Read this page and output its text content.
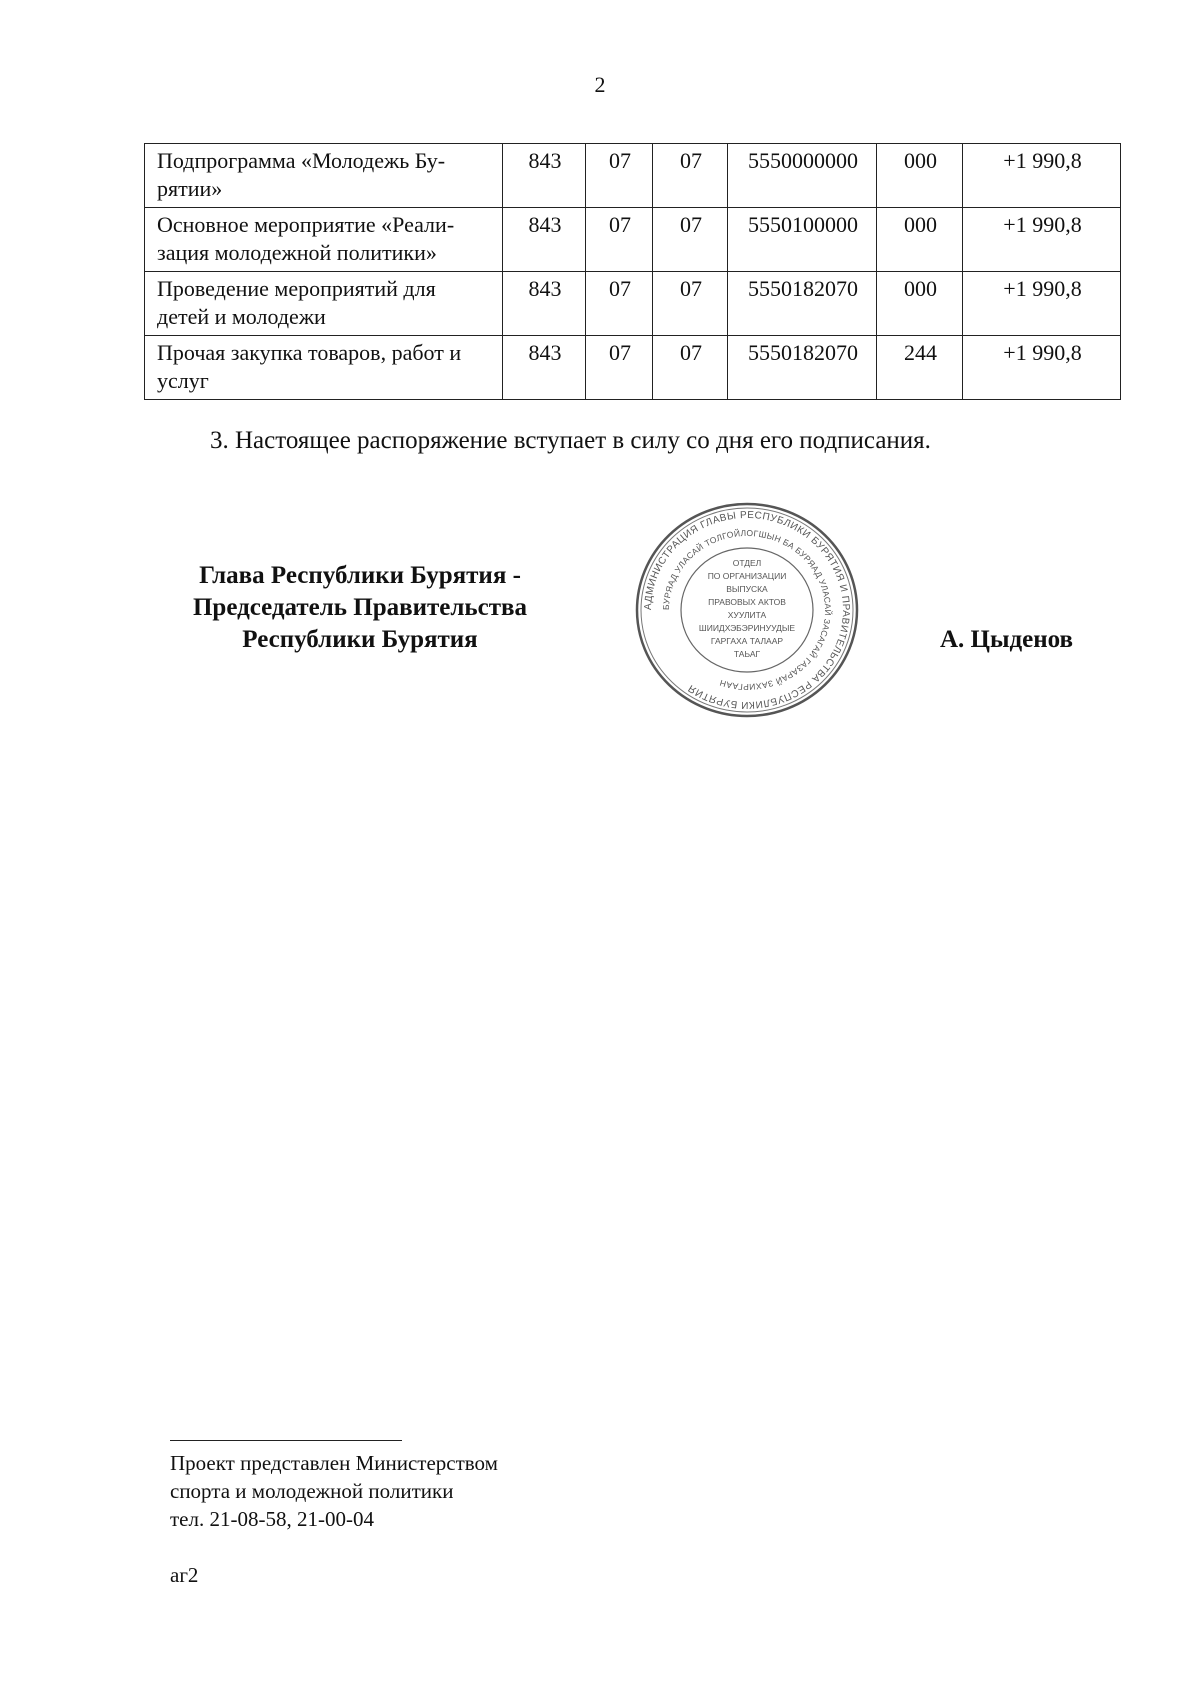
2
Подпрограмма «Молодежь Бу-рятии»	843	07	07	5550000000	000	+1 990,8
Основное мероприятие «Реали-зация молодежной политики»	843	07	07	5550100000	000	+1 990,8
Проведение мероприятий для детей и молодежи	843	07	07	5550182070	000	+1 990,8
Прочая закупка товаров, работ и услуг	843	07	07	5550182070	244	+1 990,8
3. Настоящее распоряжение вступает в силу со дня его подписания.
Глава Республики Бурятия -
Председатель Правительства
Республики Бурятия
АДМИНИСТРАЦИЯ ГЛАВЫ РЕСПУБЛИКИ БУРЯТИЯ И ПРАВИТЕЛЬСТВА РЕСПУБЛИКИ БУРЯТИЯ
БУРЯАД УЛАСАЙ ТОЛГОЙЛОГШЫН БА БУРЯАД УЛАСАЙ ЗАСАГАЙ ГАЗАРАЙ ЗАХИРГААН
ОТДЕЛ
ПО ОРГАНИЗАЦИИ
ВЫПУСКА
ПРАВОВЫХ АКТОВ
ХУУЛИТА
ШИИДХЭБЭРИНУУДЫЕ
ГАРГАХА ТАЛААР
ТАЬАГ
А. Цыденов
Проект представлен Министерством
спорта и молодежной политики
тел. 21-08-58, 21-00-04
аг2
